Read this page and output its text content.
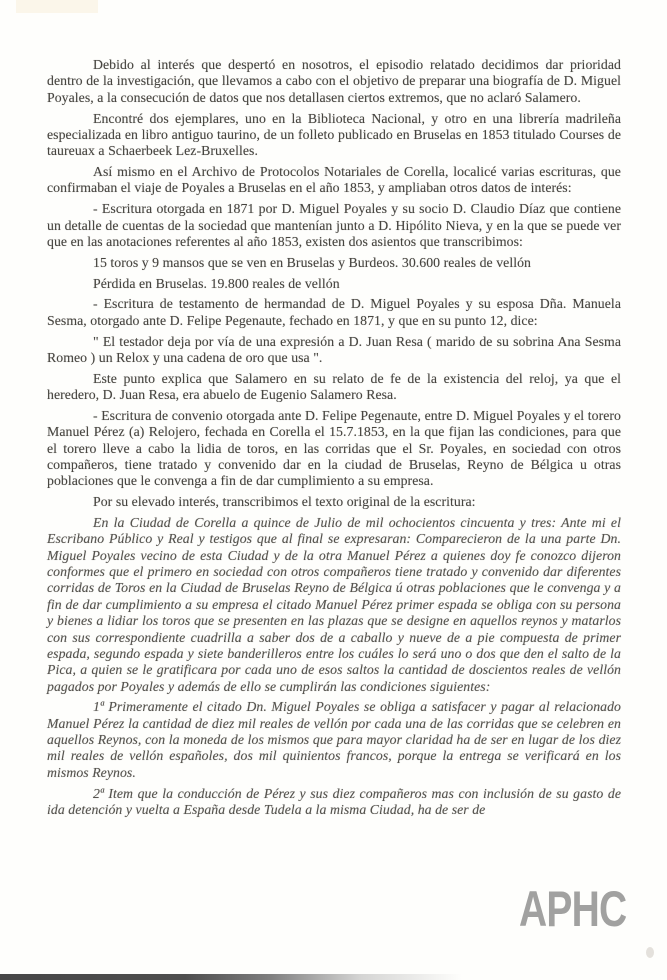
Debido al interés que despertó en nosotros, el episodio relatado decidimos dar prioridad dentro de la investigación, que llevamos a cabo con el objetivo de preparar una biografía de D. Miguel Poyales, a la consecución de datos que nos detallasen ciertos extremos, que no aclaró Salamero.

Encontré dos ejemplares, uno en la Biblioteca Nacional, y otro en una librería madrileña especializada en libro antiguo taurino, de un folleto publicado en Bruselas en 1853 titulado Courses de taureuax a Schaerbeek Lez-Bruxelles.

Así mismo en el Archivo de Protocolos Notariales de Corella, localicé varias escrituras, que confirmaban el viaje de Poyales a Bruselas en el año 1853, y ampliaban otros datos de interés:

- Escritura otorgada en 1871 por D. Miguel Poyales y su socio D. Claudio Díaz que contiene un detalle de cuentas de la sociedad que mantenían junto a D. Hipólito Nieva, y en la que se puede ver que en las anotaciones referentes al año 1853, existen dos asientos que transcribimos:

15 toros y 9 mansos que se ven en Bruselas y Burdeos. 30.600 reales de vellón

Pérdida en Bruselas. 19.800 reales de vellón

- Escritura de testamento de hermandad de D. Miguel Poyales y su esposa Dña. Manuela Sesma, otorgado ante D. Felipe Pegenaute, fechado en 1871, y que en su punto 12, dice:

" El testador deja por vía de una expresión a D. Juan Resa ( marido de su sobrina Ana Sesma Romeo ) un Relox y una cadena de oro que usa ".

Este punto explica que Salamero en su relato de fe de la existencia del reloj, ya que el heredero, D. Juan Resa, era abuelo de Eugenio Salamero Resa.

- Escritura de convenio otorgada ante D. Felipe Pegenaute, entre D. Miguel Poyales y el torero Manuel Pérez (a) Relojero, fechada en Corella el 15.7.1853, en la que fijan las condiciones, para que el torero lleve a cabo la lidia de toros, en las corridas que el Sr. Poyales, en sociedad con otros compañeros, tiene tratado y convenido dar en la ciudad de Bruselas, Reyno de Bélgica u otras poblaciones que le convenga a fin de dar cumplimiento a su empresa.

Por su elevado interés, transcribimos el texto original de la escritura:

En la Ciudad de Corella a quince de Julio de mil ochocientos cincuenta y tres: Ante mi el Escribano Público y Real y testigos que al final se expresaran: Comparecieron de la una parte Dn. Miguel Poyales vecino de esta Ciudad y de la otra Manuel Pérez a quienes doy fe conozco dijeron conformes que el primero en sociedad con otros compañeros tiene tratado y convenido dar diferentes corridas de Toros en la Ciudad de Bruselas Reyno de Bélgica ú otras poblaciones que le convenga y a fin de dar cumplimiento a su empresa el citado Manuel Pérez primer espada se obliga con su persona y bienes a lidiar los toros que se presenten en las plazas que se designe en aquellos reynos y matarlos con sus correspondiente cuadrilla a saber dos de a caballo y nueve de a pie compuesta de primer espada, segundo espada y siete banderilleros entre los cuáles lo será uno o dos que den el salto de la Pica, a quien se le gratificara por cada uno de esos saltos la cantidad de doscientos reales de vellón pagados por Poyales y además de ello se cumplirán las condiciones siguientes:

1ª Primeramente el citado Dn. Miguel Poyales se obliga a satisfacer y pagar al relacionado Manuel Pérez la cantidad de diez mil reales de vellón por cada una de las corridas que se celebren en aquellos Reynos, con la moneda de los mismos que para mayor claridad ha de ser en lugar de los diez mil reales de vellón españoles, dos mil quinientos francos, porque la entrega se verificará en los mismos Reynos.

2ª Item que la conducción de Pérez y sus diez compañeros mas con inclusión de su gasto de ida detención y vuelta a España desde Tudela a la misma Ciudad, ha de ser de

APHC
